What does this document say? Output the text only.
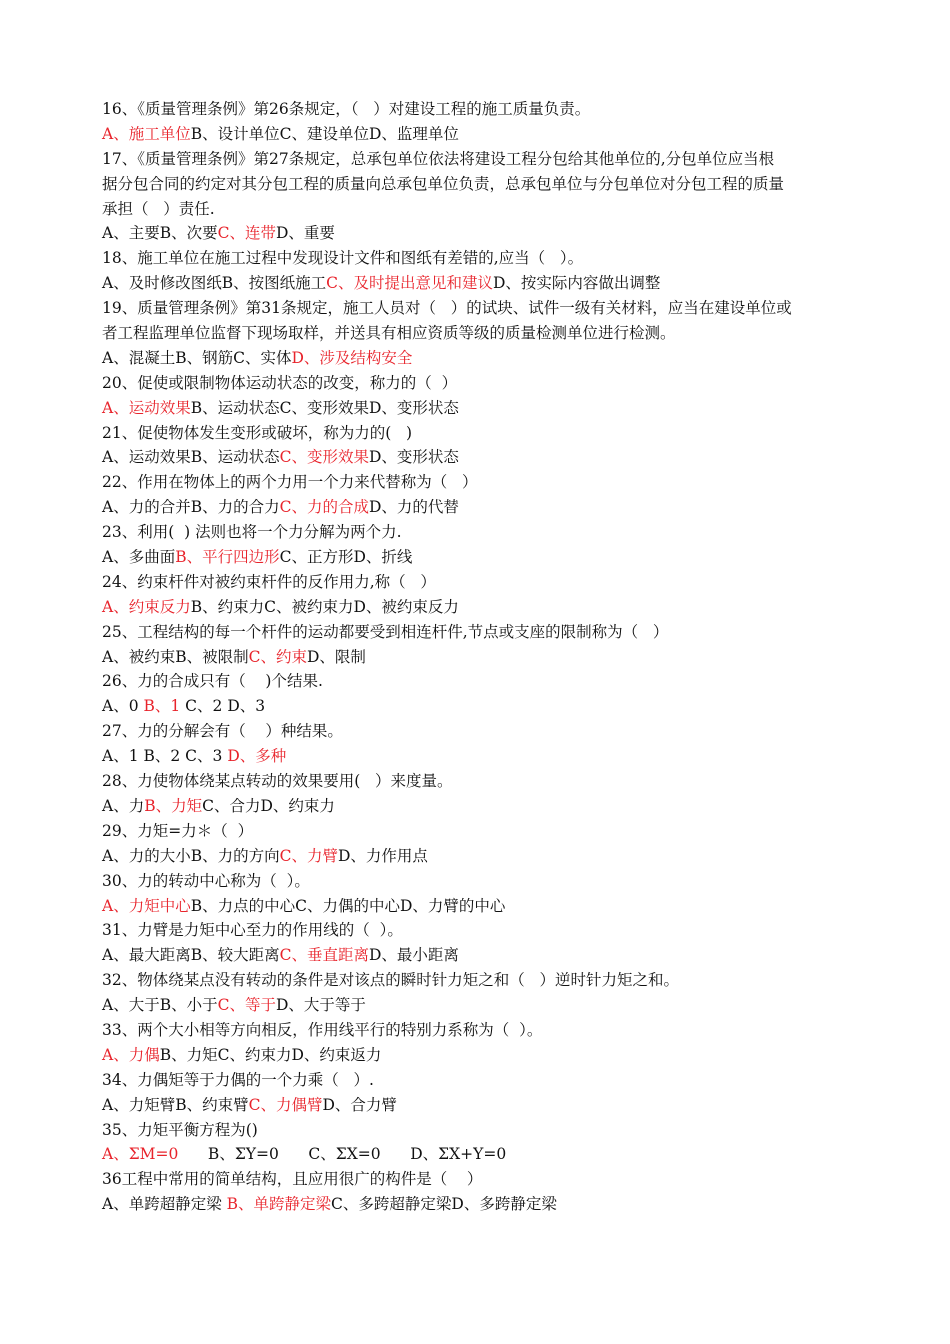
16、《质量管理条例》第26条规定，（   ）对建设工程的施工质量负责。
A、施工单位B、设计单位C、建设单位D、监理单位
17、《质量管理条例》第27条规定，总承包单位依法将建设工程分包给其他单位的,分包单位应当根
据分包合同的约定对其分包工程的质量向总承包单位负责，总承包单位与分包单位对分包工程的质量
承担（   ）责任.
A、主要B、次要C、连带D、重要
18、施工单位在施工过程中发现设计文件和图纸有差错的,应当（   ）。
A、及时修改图纸B、按图纸施工C、及时提出意见和建议D、按实际内容做出调整
19、质量管理条例》第31条规定，施工人员对（   ）的试块、试件一级有关材料，应当在建设单位或
者工程监理单位监督下现场取样，并送具有相应资质等级的质量检测单位进行检测。
A、混凝土B、钢筋C、实体D、涉及结构安全
20、促使或限制物体运动状态的改变，称力的（  ）
A、运动效果B、运动状态C、变形效果D、变形状态
21、促使物体发生变形或破坏，称为力的(   )
A、运动效果B、运动状态C、变形效果D、变形状态
22、作用在物体上的两个力用一个力来代替称为（   ）
A、力的合并B、力的合力C、力的合成D、力的代替
23、利用(  ) 法则也将一个力分解为两个力.
A、多曲面B、平行四边形C、正方形D、折线
24、约束杆件对被约束杆件的反作用力,称（   ）
A、约束反力B、约束力C、被约束力D、被约束反力
25、工程结构的每一个杆件的运动都要受到相连杆件,节点或支座的限制称为（   ）
A、被约束B、被限制C、约束D、限制
26、力的合成只有（    )个结果.
A、0 B、1 C、2 D、3
27、力的分解会有（    ）种结果。
A、1 B、2 C、3 D、多种
28、力使物体绕某点转动的效果要用(   ）来度量。
A、力B、力矩C、合力D、约束力
29、力矩=力＊（  ）
A、力的大小B、力的方向C、力臂D、力作用点
30、力的转动中心称为（  ）。
A、力矩中心B、力点的中心C、力偶的中心D、力臂的中心
31、力臂是力矩中心至力的作用线的（  ）。
A、最大距离B、较大距离C、垂直距离D、最小距离
32、物体绕某点没有转动的条件是对该点的瞬时针力矩之和（   ）逆时针力矩之和。
A、大于B、小于C、等于D、大于等于
33、两个大小相等方向相反，作用线平行的特别力系称为（  ）。
A、力偶B、力矩C、约束力D、约束返力
34、力偶矩等于力偶的一个力乘（   ）.
A、力矩臂B、约束臂C、力偶臂D、合力臂
35、力矩平衡方程为()
A、ΣM=0      B、ΣY=0      C、ΣX=0      D、ΣX+Y=0
36工程中常用的简单结构，且应用很广的构件是（    ）
A、单跨超静定梁 B、单跨静定梁C、多跨超静定梁D、多跨静定梁
